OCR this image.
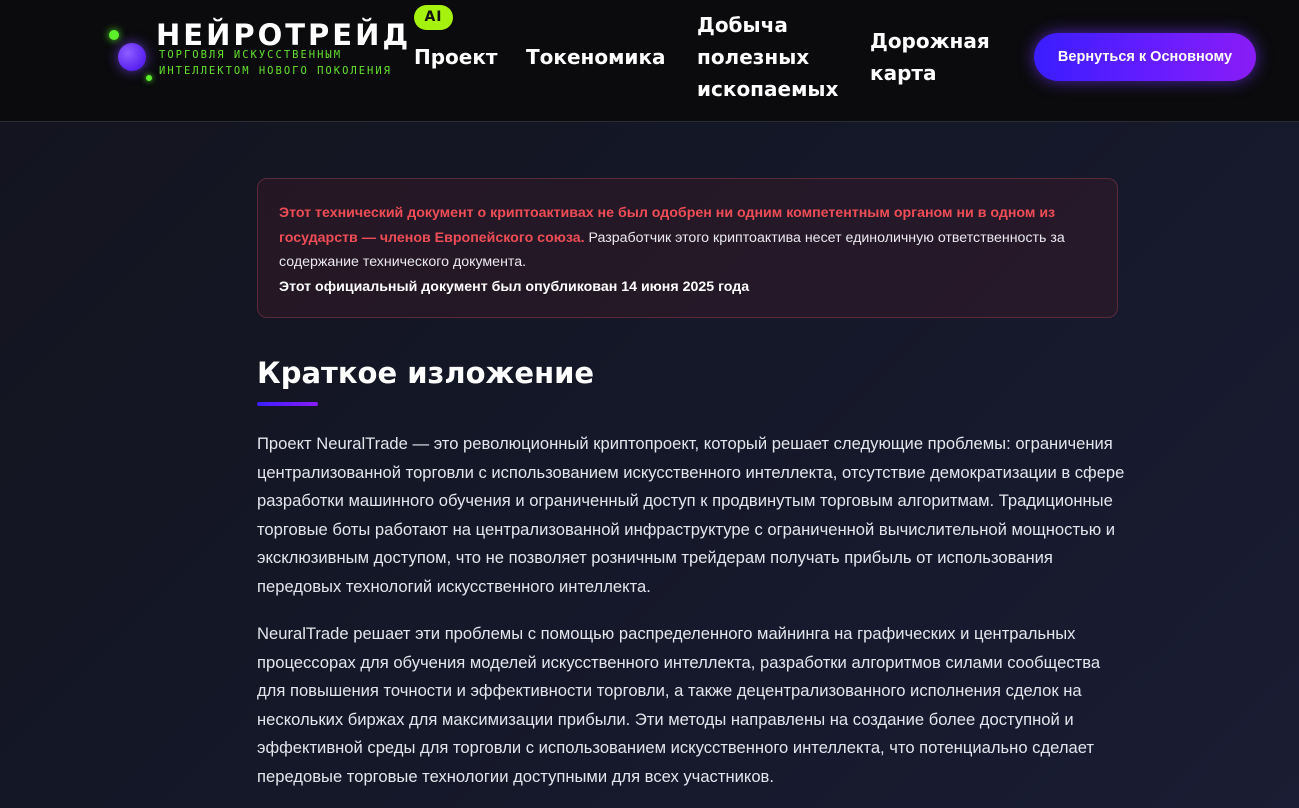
НЕЙРОТРЕЙД
ТОРГОВЛЯ ИСКУССТВЕННЫМ ИНТЕЛЛЕКТОМ НОВОГО ПОКОЛЕНИЯ
AI
Проект Токеномика
Добыча полезных ископаемых
Дорожная карта
Вернуться к Основному
Этот технический документ о криптоактивах не был одобрен ни одним компетентным органом ни в одном из государств — членов Европейского союза. Разработчик этого криптоактива несет единоличную ответственность за содержание технического документа.
Этот официальный документ был опубликован 14 июня 2025 года
Краткое изложение

Проект NeuralTrade — это революционный криптопроект, который решает следующие проблемы: ограничения централизованной торговли с использованием искусственного интеллекта, отсутствие демократизации в сфере разработки машинного обучения и ограниченный доступ к продвинутым торговым алгоритмам. Традиционные торговые боты работают на централизованной инфраструктуре с ограниченной вычислительной мощностью и эксклюзивным доступом, что не позволяет розничным трейдерам получать прибыль от использования передовых технологий искусственного интеллекта.

NeuralTrade решает эти проблемы с помощью распределенного майнинга на графических и центральных процессорах для обучения моделей искусственного интеллекта, разработки алгоритмов силами сообщества для повышения точности и эффективности торговли, а также децентрализованного исполнения сделок на нескольких биржах для максимизации прибыли. Эти методы направлены на создание более доступной и эффективной среды для торговли с использованием искусственного интеллекта, что потенциально сделает передовые торговые технологии доступными для всех участников.
